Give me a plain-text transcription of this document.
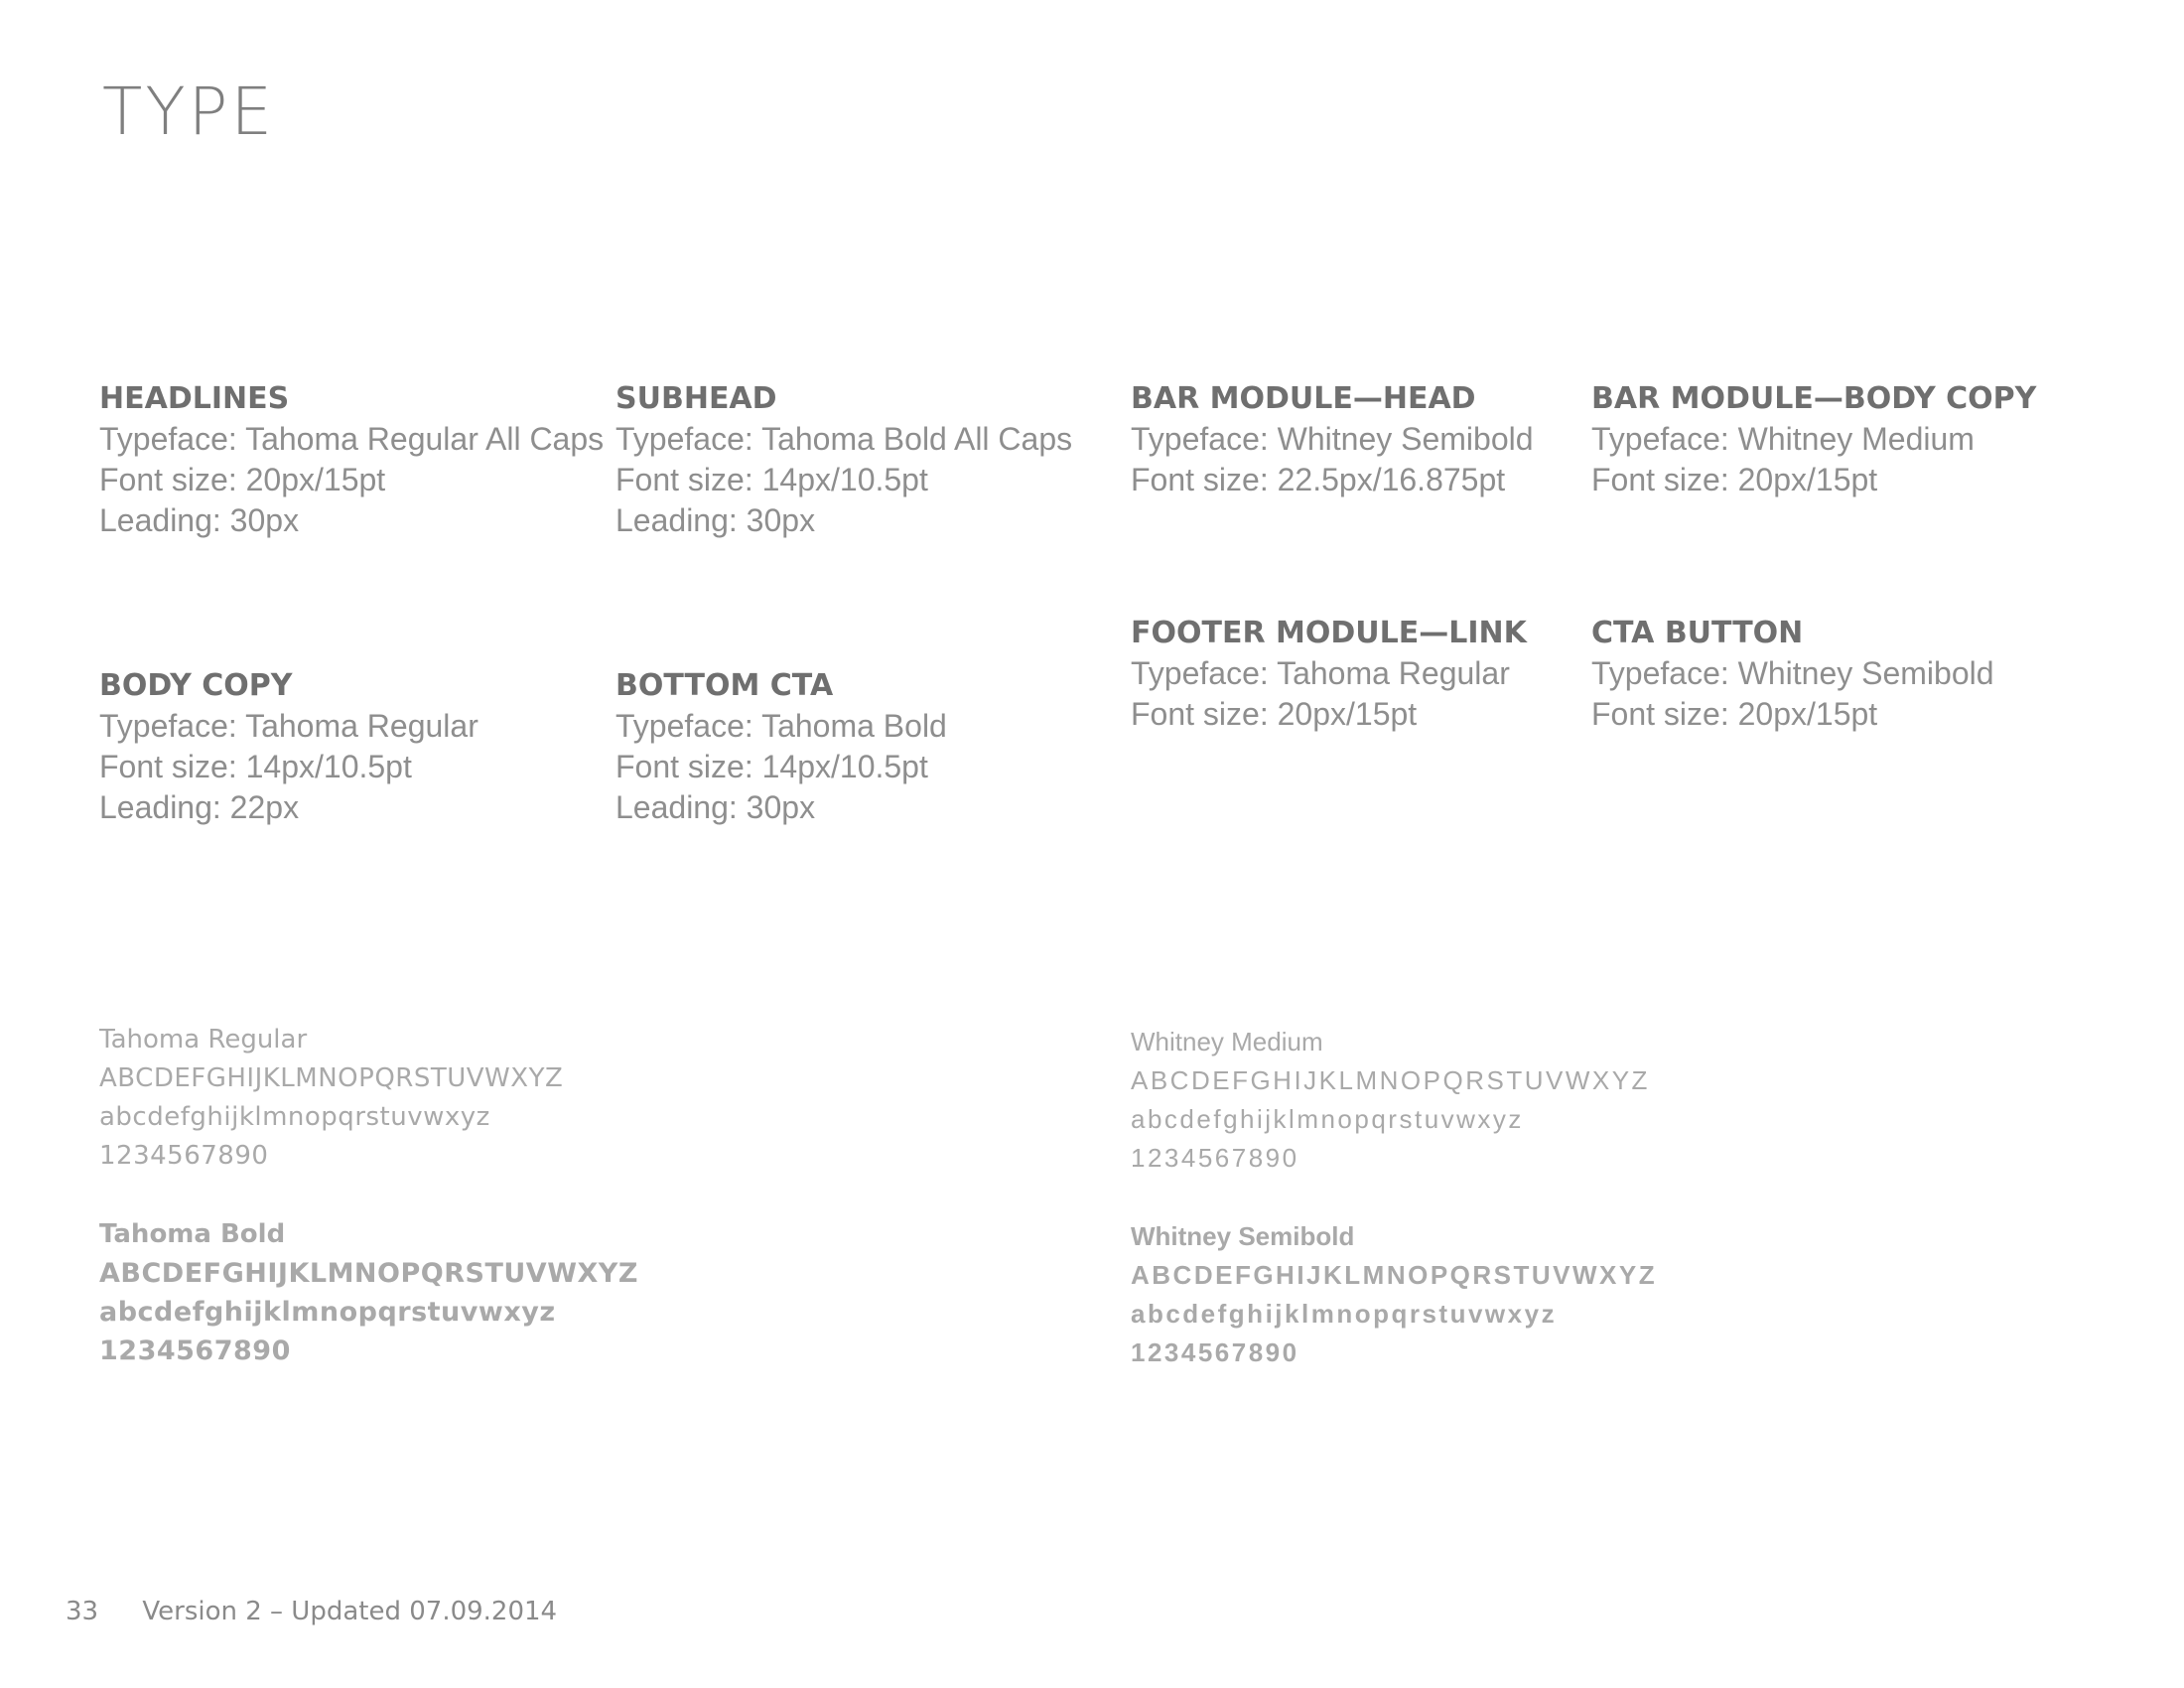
TYPE
HEADLINES
Typeface: Tahoma Regular All Caps
Font size: 20px/15pt
Leading: 30px
SUBHEAD
Typeface: Tahoma Bold All Caps
Font size: 14px/10.5pt
Leading: 30px
BAR MODULE—HEAD
Typeface: Whitney Semibold
Font size: 22.5px/16.875pt
BAR MODULE—BODY COPY
Typeface: Whitney Medium
Font size: 20px/15pt
FOOTER MODULE—LINK
Typeface: Tahoma Regular
Font size: 20px/15pt
CTA BUTTON
Typeface: Whitney Semibold
Font size: 20px/15pt
BODY COPY
Typeface: Tahoma Regular
Font size: 14px/10.5pt
Leading: 22px
BOTTOM CTA
Typeface: Tahoma Bold
Font size: 14px/10.5pt
Leading: 30px
Tahoma Regular
ABCDEFGHIJKLMNOPQRSTUVWXYZ
abcdefghijklmnopqrstuvwxyz
1234567890
Tahoma Bold
ABCDEFGHIJKLMNOPQRSTUVWXYZ
abcdefghijklmnopqrstuvwxyz
1234567890
Whitney Medium
ABCDEFGHIJKLMNOPQRSTUVWXYZ
abcdefghijklmnopqrstuvwxyz
1234567890
Whitney Semibold
ABCDEFGHIJKLMNOPQRSTUVWXYZ
abcdefghijklmnopqrstuvwxyz
1234567890
33 Version 2 – Updated 07.09.2014
